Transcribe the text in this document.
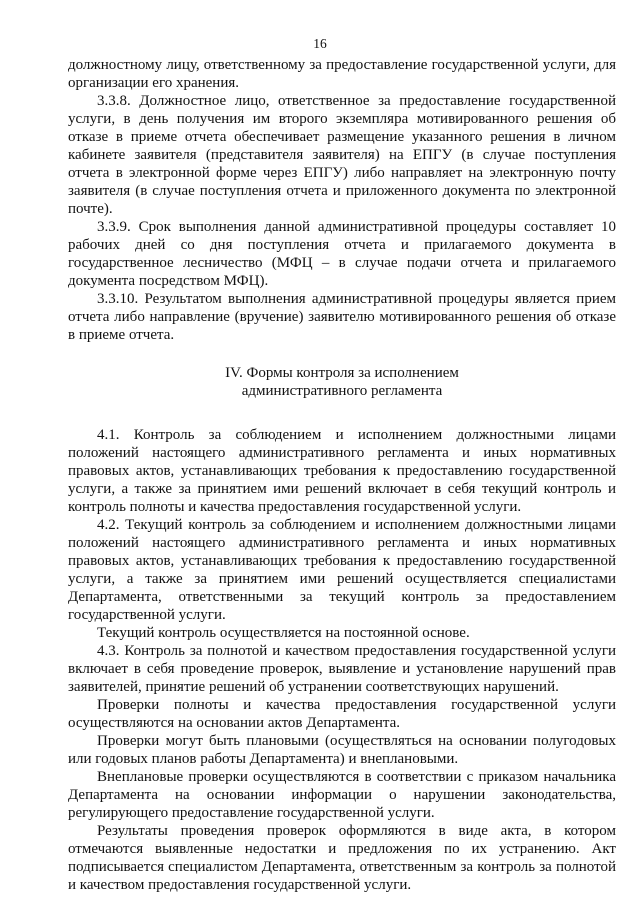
16

должностному лицу, ответственному за предоставление государственной услуги, для организации его хранения.

3.3.8. Должностное лицо, ответственное за предоставление государственной услуги, в день получения им второго экземпляра мотивированного решения об отказе в приеме отчета обеспечивает размещение указанного решения в личном кабинете заявителя (представителя заявителя) на ЕПГУ (в случае поступления отчета в электронной форме через ЕПГУ) либо направляет на электронную почту заявителя (в случае поступления отчета и приложенного документа по электронной почте).

3.3.9. Срок выполнения данной административной процедуры составляет 10 рабочих дней со дня поступления отчета и прилагаемого документа в государственное лесничество (МФЦ – в случае подачи отчета и прилагаемого документа посредством МФЦ).

3.3.10. Результатом выполнения административной процедуры является прием отчета либо направление (вручение) заявителю мотивированного решения об отказе в приеме отчета.

IV. Формы контроля за исполнением
административного регламента

4.1. Контроль за соблюдением и исполнением должностными лицами положений настоящего административного регламента и иных нормативных правовых актов, устанавливающих требования к предоставлению государственной услуги, а также за принятием ими решений включает в себя текущий контроль и контроль полноты и качества предоставления государственной услуги.

4.2. Текущий контроль за соблюдением и исполнением должностными лицами положений настоящего административного регламента и иных нормативных правовых актов, устанавливающих требования к предоставлению государственной услуги, а также за принятием ими решений осуществляется специалистами Департамента, ответственными за текущий контроль за предоставлением государственной услуги.

Текущий контроль осуществляется на постоянной основе.

4.3. Контроль за полнотой и качеством предоставления государственной услуги включает в себя проведение проверок, выявление и установление нарушений прав заявителей, принятие решений об устранении соответствующих нарушений.

Проверки полноты и качества предоставления государственной услуги осуществляются на основании актов Департамента.

Проверки могут быть плановыми (осуществляться на основании полугодовых или годовых планов работы Департамента) и внеплановыми.

Внеплановые проверки осуществляются в соответствии с приказом начальника Департамента на основании информации о нарушении законодательства, регулирующего предоставление государственной услуги.

Результаты проведения проверок оформляются в виде акта, в котором отмечаются выявленные недостатки и предложения по их устранению. Акт подписывается специалистом Департамента, ответственным за контроль за полнотой и качеством предоставления государственной услуги.
